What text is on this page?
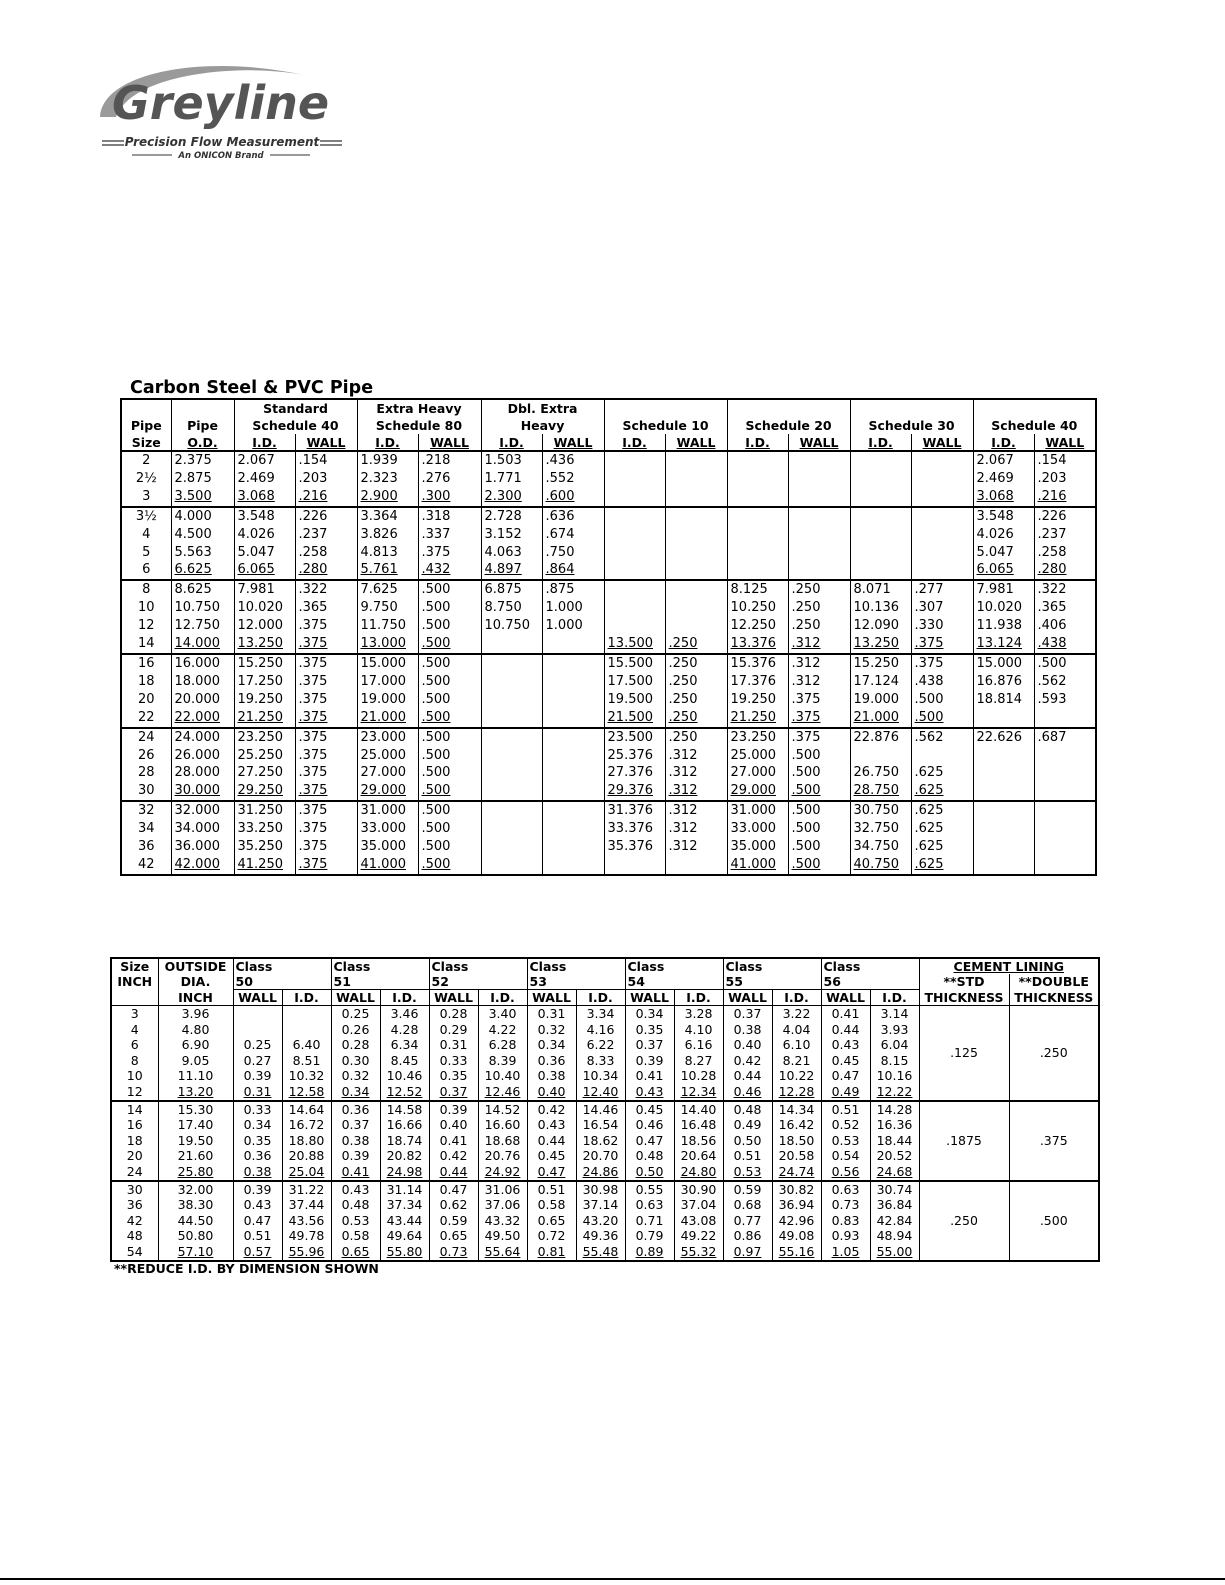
Greyline
Precision Flow Measurement
An ONICON Brand
Carbon Steel & PVC Pipe
		Standard		Extra Heavy		Dbl. Extra									
Pipe	Pipe	Schedule 40		Schedule 80		Heavy		Schedule 10		Schedule 20		Schedule 30		Schedule 40	
Size	O.D.	I.D.	WALL	I.D.	WALL	I.D.	WALL	I.D.	WALL	I.D.	WALL	I.D.	WALL	I.D.	WALL
2	2.375	2.067	.154	1.939	.218	1.503	.436							2.067	.154
2½	2.875	2.469	.203	2.323	.276	1.771	.552							2.469	.203
3	3.500	3.068	.216	2.900	.300	2.300	.600							3.068	.216
3½	4.000	3.548	.226	3.364	.318	2.728	.636							3.548	.226
4	4.500	4.026	.237	3.826	.337	3.152	.674							4.026	.237
5	5.563	5.047	.258	4.813	.375	4.063	.750							5.047	.258
6	6.625	6.065	.280	5.761	.432	4.897	.864							6.065	.280
8	8.625	7.981	.322	7.625	.500	6.875	.875			8.125	.250	8.071	.277	7.981	.322
10	10.750	10.020	.365	9.750	.500	8.750	1.000			10.250	.250	10.136	.307	10.020	.365
12	12.750	12.000	.375	11.750	.500	10.750	1.000			12.250	.250	12.090	.330	11.938	.406
14	14.000	13.250	.375	13.000	.500			13.500	.250	13.376	.312	13.250	.375	13.124	.438
16	16.000	15.250	.375	15.000	.500			15.500	.250	15.376	.312	15.250	.375	15.000	.500
18	18.000	17.250	.375	17.000	.500			17.500	.250	17.376	.312	17.124	.438	16.876	.562
20	20.000	19.250	.375	19.000	.500			19.500	.250	19.250	.375	19.000	.500	18.814	.593
22	22.000	21.250	.375	21.000	.500			21.500	.250	21.250	.375	21.000	.500		
24	24.000	23.250	.375	23.000	.500			23.500	.250	23.250	.375	22.876	.562	22.626	.687
26	26.000	25.250	.375	25.000	.500			25.376	.312	25.000	.500				
28	28.000	27.250	.375	27.000	.500			27.376	.312	27.000	.500	26.750	.625		
30	30.000	29.250	.375	29.000	.500			29.376	.312	29.000	.500	28.750	.625		
32	32.000	31.250	.375	31.000	.500			31.376	.312	31.000	.500	30.750	.625		
34	34.000	33.250	.375	33.000	.500			33.376	.312	33.000	.500	32.750	.625		
36	36.000	35.250	.375	35.000	.500			35.376	.312	35.000	.500	34.750	.625		
42	42.000	41.250	.375	41.000	.500					41.000	.500	40.750	.625		
Size	OUTSIDE	Class		Class		Class		Class		Class		Class		Class		CEMENT LINING	
INCH	DIA.	50		51		52		53		54		55		56		**STD	**DOUBLE
	INCH	WALL	I.D.	WALL	I.D.	WALL	I.D.	WALL	I.D.	WALL	I.D.	WALL	I.D.	WALL	I.D.	THICKNESS	THICKNESS
3	3.96			0.25	3.46	0.28	3.40	0.31	3.34	0.34	3.28	0.37	3.22	0.41	3.14	.125	.250
4	4.80			0.26	4.28	0.29	4.22	0.32	4.16	0.35	4.10	0.38	4.04	0.44	3.93		
6	6.90	0.25	6.40	0.28	6.34	0.31	6.28	0.34	6.22	0.37	6.16	0.40	6.10	0.43	6.04		
8	9.05	0.27	8.51	0.30	8.45	0.33	8.39	0.36	8.33	0.39	8.27	0.42	8.21	0.45	8.15		
10	11.10	0.39	10.32	0.32	10.46	0.35	10.40	0.38	10.34	0.41	10.28	0.44	10.22	0.47	10.16		
12	13.20	0.31	12.58	0.34	12.52	0.37	12.46	0.40	12.40	0.43	12.34	0.46	12.28	0.49	12.22		
14	15.30	0.33	14.64	0.36	14.58	0.39	14.52	0.42	14.46	0.45	14.40	0.48	14.34	0.51	14.28	.1875	.375
16	17.40	0.34	16.72	0.37	16.66	0.40	16.60	0.43	16.54	0.46	16.48	0.49	16.42	0.52	16.36		
18	19.50	0.35	18.80	0.38	18.74	0.41	18.68	0.44	18.62	0.47	18.56	0.50	18.50	0.53	18.44		
20	21.60	0.36	20.88	0.39	20.82	0.42	20.76	0.45	20.70	0.48	20.64	0.51	20.58	0.54	20.52		
24	25.80	0.38	25.04	0.41	24.98	0.44	24.92	0.47	24.86	0.50	24.80	0.53	24.74	0.56	24.68		
30	32.00	0.39	31.22	0.43	31.14	0.47	31.06	0.51	30.98	0.55	30.90	0.59	30.82	0.63	30.74	.250	.500
36	38.30	0.43	37.44	0.48	37.34	0.62	37.06	0.58	37.14	0.63	37.04	0.68	36.94	0.73	36.84		
42	44.50	0.47	43.56	0.53	43.44	0.59	43.32	0.65	43.20	0.71	43.08	0.77	42.96	0.83	42.84		
48	50.80	0.51	49.78	0.58	49.64	0.65	49.50	0.72	49.36	0.79	49.22	0.86	49.08	0.93	48.94		
54	57.10	0.57	55.96	0.65	55.80	0.73	55.64	0.81	55.48	0.89	55.32	0.97	55.16	1.05	55.00		
**REDUCE I.D. BY DIMENSION SHOWN
